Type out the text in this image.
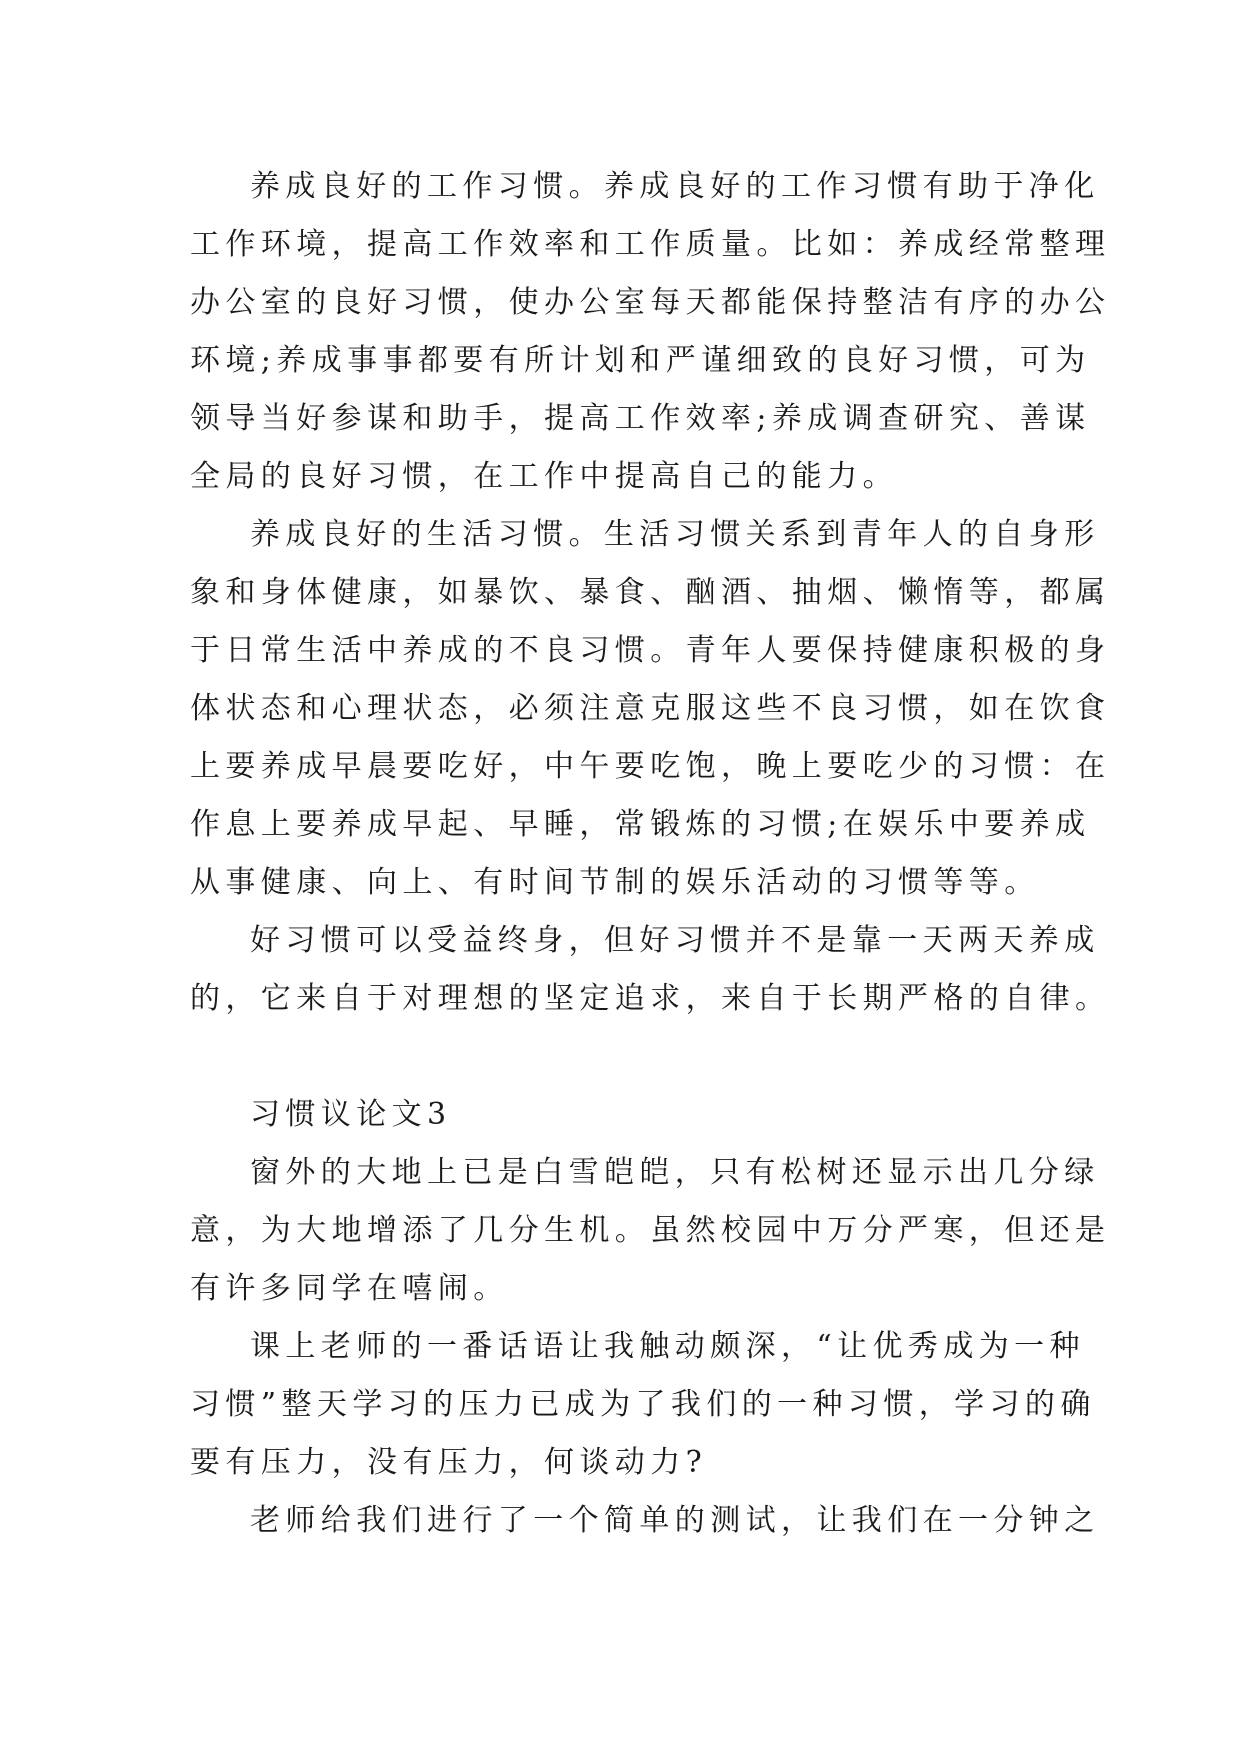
养成良好的工作习惯。养成良好的工作习惯有助于净化
工作环境，提高工作效率和工作质量。比如：养成经常整理
办公室的良好习惯，使办公室每天都能保持整洁有序的办公
环境;养成事事都要有所计划和严谨细致的良好习惯，可为
领导当好参谋和助手，提高工作效率;养成调查研究、善谋
全局的良好习惯，在工作中提高自己的能力。

养成良好的生活习惯。生活习惯关系到青年人的自身形
象和身体健康，如暴饮、暴食、酗酒、抽烟、懒惰等，都属
于日常生活中养成的不良习惯。青年人要保持健康积极的身
体状态和心理状态，必须注意克服这些不良习惯，如在饮食
上要养成早晨要吃好，中午要吃饱，晚上要吃少的习惯：在
作息上要养成早起、早睡，常锻炼的习惯;在娱乐中要养成
从事健康、向上、有时间节制的娱乐活动的习惯等等。

好习惯可以受益终身，但好习惯并不是靠一天两天养成
的，它来自于对理想的坚定追求，来自于长期严格的自律。

习惯议论文3

窗外的大地上已是白雪皑皑，只有松树还显示出几分绿
意，为大地增添了几分生机。虽然校园中万分严寒，但还是
有许多同学在嘻闹。

课上老师的一番话语让我触动颇深，“让优秀成为一种
习惯”整天学习的压力已成为了我们的一种习惯，学习的确
要有压力，没有压力，何谈动力?

老师给我们进行了一个简单的测试，让我们在一分钟之
